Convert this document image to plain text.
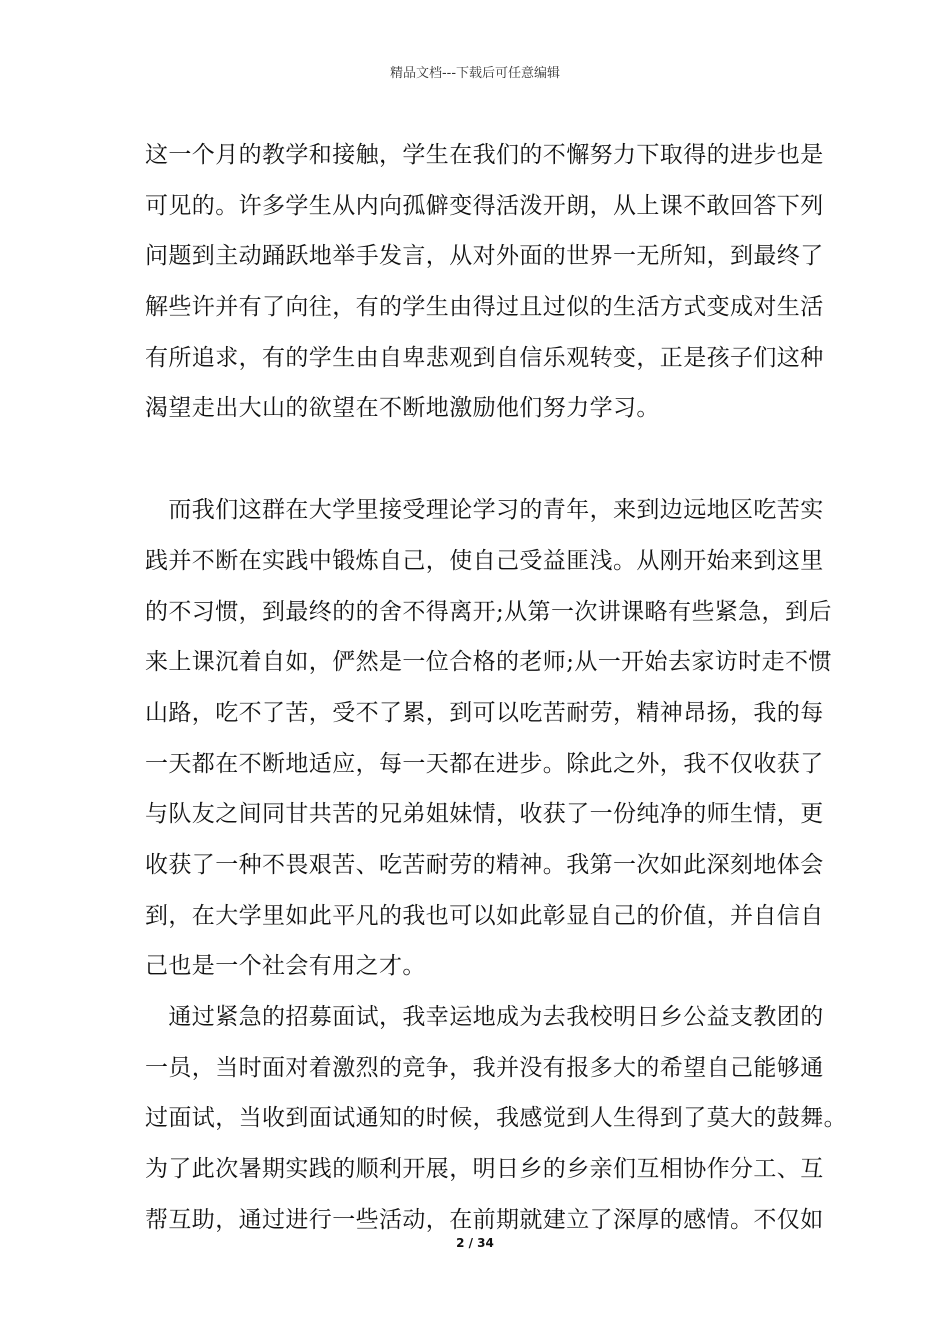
精品文档---下载后可任意编辑
这一个月的教学和接触，学生在我们的不懈努力下取得的进步也是
可见的。许多学生从内向孤僻变得活泼开朗，从上课不敢回答下列
问题到主动踊跃地举手发言，从对外面的世界一无所知，到最终了
解些许并有了向往，有的学生由得过且过似的生活方式变成对生活
有所追求，有的学生由自卑悲观到自信乐观转变，正是孩子们这种
渴望走出大山的欲望在不断地激励他们努力学习。
　而我们这群在大学里接受理论学习的青年，来到边远地区吃苦实
践并不断在实践中锻炼自己，使自己受益匪浅。从刚开始来到这里
的不习惯，到最终的的舍不得离开;从第一次讲课略有些紧急，到后
来上课沉着自如，俨然是一位合格的老师;从一开始去家访时走不惯
山路，吃不了苦，受不了累，到可以吃苦耐劳，精神昂扬，我的每
一天都在不断地适应，每一天都在进步。除此之外，我不仅收获了
与队友之间同甘共苦的兄弟姐妹情，收获了一份纯净的师生情，更
收获了一种不畏艰苦、吃苦耐劳的精神。我第一次如此深刻地体会
到，在大学里如此平凡的我也可以如此彰显自己的价值，并自信自
己也是一个社会有用之才。
　通过紧急的招募面试，我幸运地成为去我校明日乡公益支教团的
一员，当时面对着激烈的竞争，我并没有报多大的希望自己能够通
过面试，当收到面试通知的时候，我感觉到人生得到了莫大的鼓舞。
为了此次暑期实践的顺利开展，明日乡的乡亲们互相协作分工、互
帮互助，通过进行一些活动，在前期就建立了深厚的感情。不仅如
2 / 34
